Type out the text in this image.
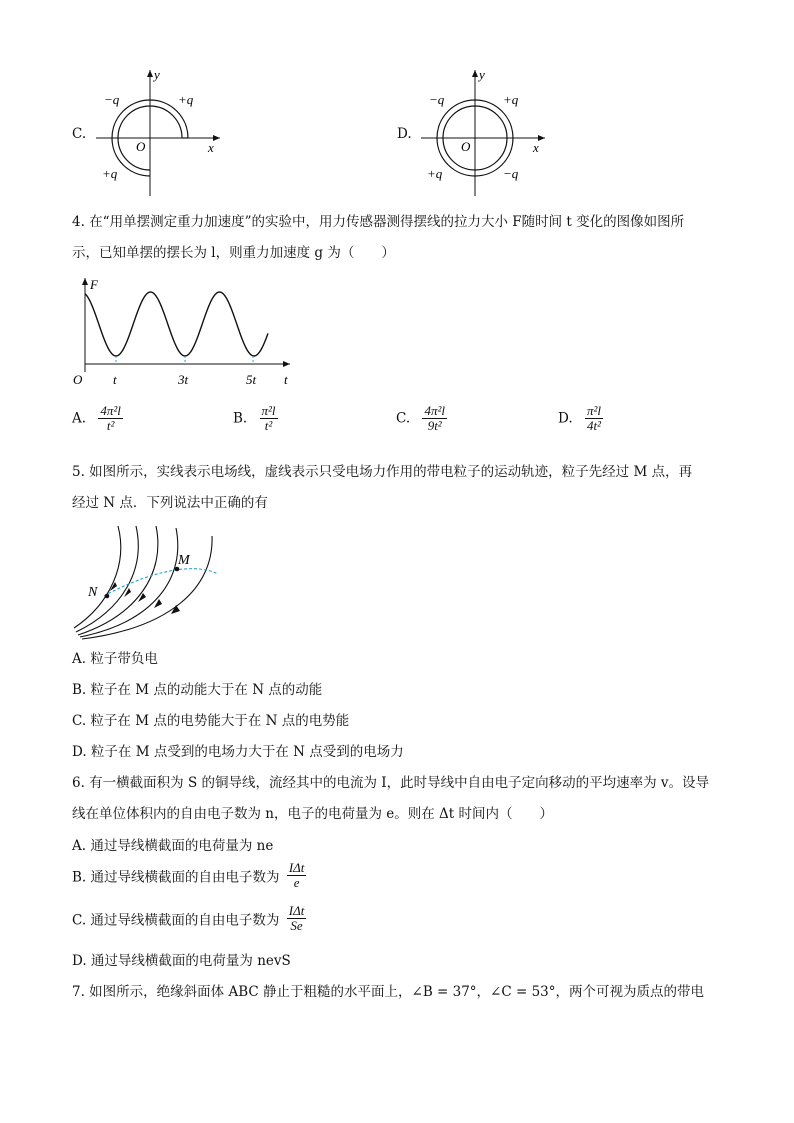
C.
y
x
O
−q	+q
+q
D.
y
x
O
−q	+q
+q	−q
4. 在“用单摆测定重力加速度”的实验中，用力传感器测得摆线的拉力大小 F随时间 t 变化的图像如图所
示，已知单摆的摆长为 l，则重力加速度 g 为（　　）
F
t
O t	3t	5t
A. $\frac{\text{4π²l}}{\text{t²}}$	B. $\frac{\text{π²l}}{\text{t²}}$	C. $\frac{\text{4π²l}}{\text{9t²}}$	D. $\frac{\text{π²l}}{\text{4t²}}$
5. 如图所示，实线表示电场线，虚线表示只受电场力作用的带电粒子的运动轨迹，粒子先经过 M 点，再
经过 N 点．下列说法中正确的有
M
N
A. 粒子带负电
B. 粒子在 M 点的动能大于在 N 点的动能
C. 粒子在 M 点的电势能大于在 N 点的电势能
D. 粒子在 M 点受到的电场力大于在 N 点受到的电场力
6. 有一横截面积为 S 的铜导线，流经其中的电流为 I，此时导线中自由电子定向移动的平均速率为 v。设导
线在单位体积内的自由电子数为 n，电子的电荷量为 e。则在 Δt 时间内（　　）
A. 通过导线横截面的电荷量为 ne
B. 通过导线横截面的自由电子数为 $\frac{\text{IΔt}}{e}$
C. 通过导线横截面的自由电子数为 $\frac{\text{IΔt}}{Se}$
D. 通过导线横截面的电荷量为 nevS
7. 如图所示，绝缘斜面体 ABC 静止于粗糙的水平面上，∠B = 37°，∠C = 53°，两个可视为质点的带电
